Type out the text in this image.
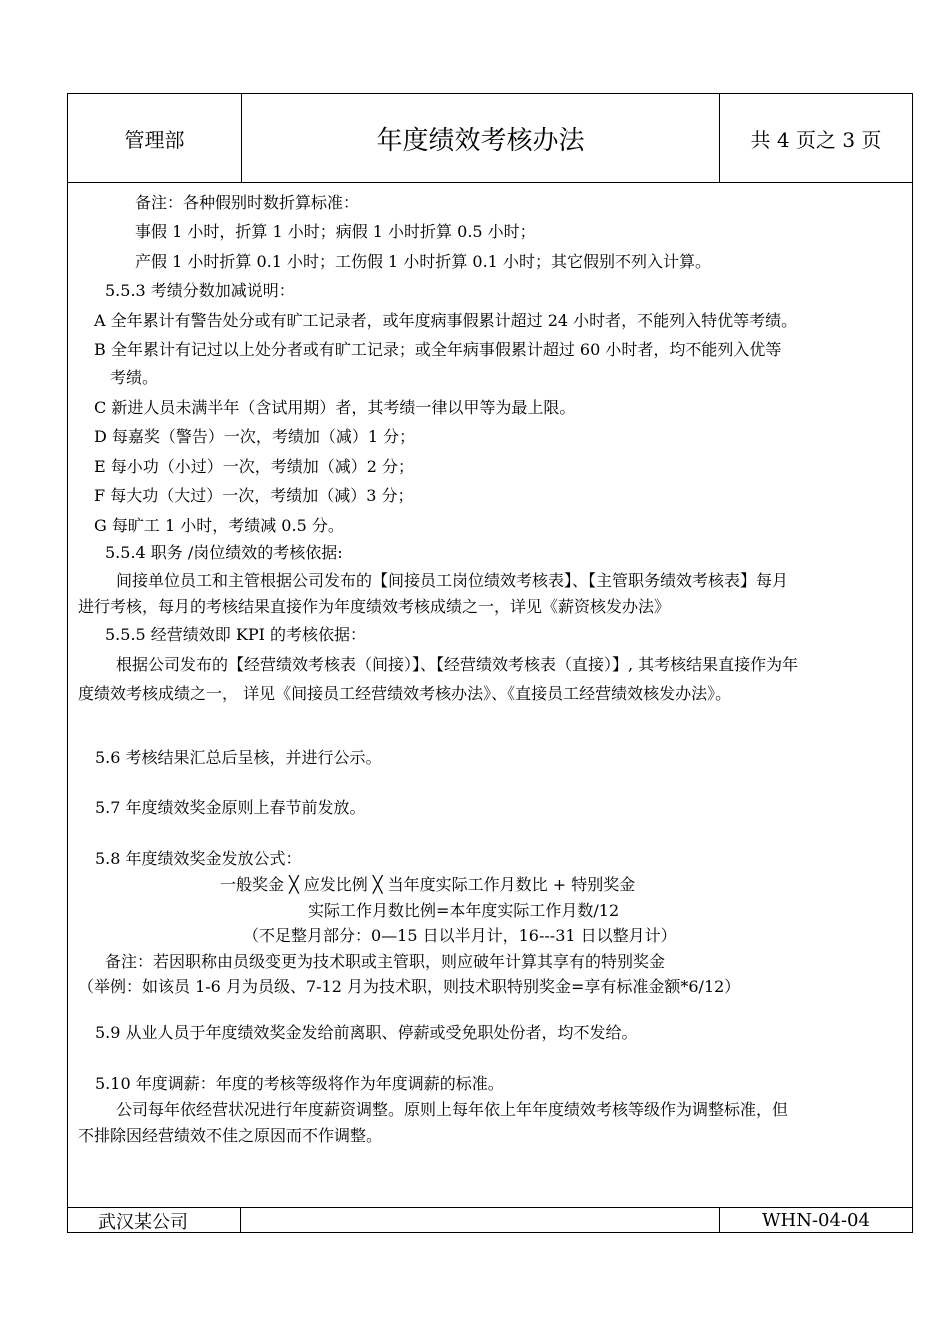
管理部	年度绩效考核办法	共 4 页之 3 页
备注：各种假别时数折算标准：
事假 1 小时，折算 1 小时；病假 1 小时折算 0.5 小时；
产假 1 小时折算 0.1 小时；工伤假 1 小时折算 0.1 小时；其它假别不列入计算。
5.5.3 考绩分数加减说明：
A 全年累计有警告处分或有旷工记录者，或年度病事假累计超过 24 小时者，不能列入特优等考绩。
B 全年累计有记过以上处分者或有旷工记录；或全年病事假累计超过 60 小时者，均不能列入优等
考绩。
C 新进人员未满半年（含试用期）者，其考绩一律以甲等为最上限。
D 每嘉奖（警告）一次，考绩加（减）1 分；
E 每小功（小过）一次，考绩加（减）2 分；
F 每大功（大过）一次，考绩加（减）3 分；
G 每旷工 1 小时，考绩减 0.5 分。
5.5.4 职务 /岗位绩效的考核依据:
间接单位员工和主管根据公司发布的【间接员工岗位绩效考核表】、【主管职务绩效考核表】每月
进行考核，每月的考核结果直接作为年度绩效考核成绩之一，详见《薪资核发办法》
5.5.5 经营绩效即 KPI 的考核依据：
根据公司发布的【经营绩效考核表（间接）】、【经营绩效考核表（直接）】, 其考核结果直接作为年
度绩效考核成绩之一， 详见《间接员工经营绩效考核办法》、《直接员工经营绩效核发办法》。
5.6 考核结果汇总后呈核，并进行公示。
5.7 年度绩效奖金原则上春节前发放。
5.8 年度绩效奖金发放公式：
一般奖金 ╳ 应发比例 ╳ 当年度实际工作月数比 + 特别奖金
实际工作月数比例=本年度实际工作月数/12
（不足整月部分：0—15 日以半月计，16---31 日以整月计）
备注：若因职称由员级变更为技术职或主管职，则应破年计算其享有的特别奖金
（举例：如该员 1-6 月为员级、7-12 月为技术职，则技术职特别奖金=享有标准金额*6/12）
5.9 从业人员于年度绩效奖金发给前离职、停薪或受免职处份者，均不发给。
5.10 年度调薪：年度的考核等级将作为年度调薪的标准。
公司每年依经营状况进行年度薪资调整。原则上每年依上年年度绩效考核等级作为调整标准，但
不排除因经营绩效不佳之原因而不作调整。
武汉某公司	WHN-04-04
